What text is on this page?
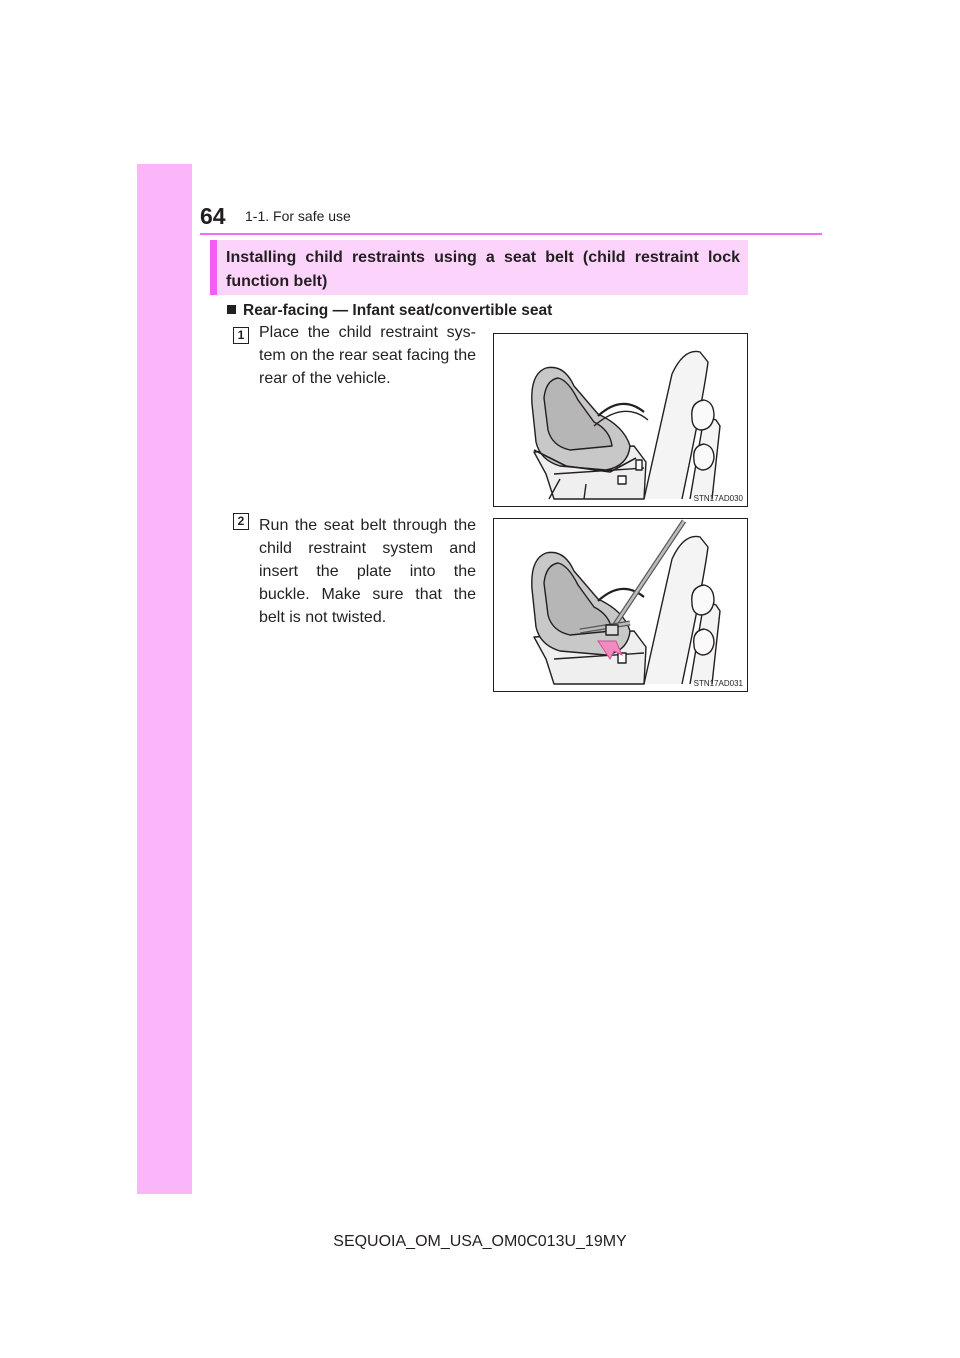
64 1-1. For safe use
Installing child restraints using a seat belt (child restraint lock function belt)
Rear-facing — Infant seat/convertible seat
1 Place the child restraint sys- tem on the rear seat facing the rear of the vehicle.
STN17AD030
2 Run the seat belt through the child restraint system and insert the plate into the buckle. Make sure that the belt is not twisted.
STN17AD031
SEQUOIA_OM_USA_OM0C013U_19MY
